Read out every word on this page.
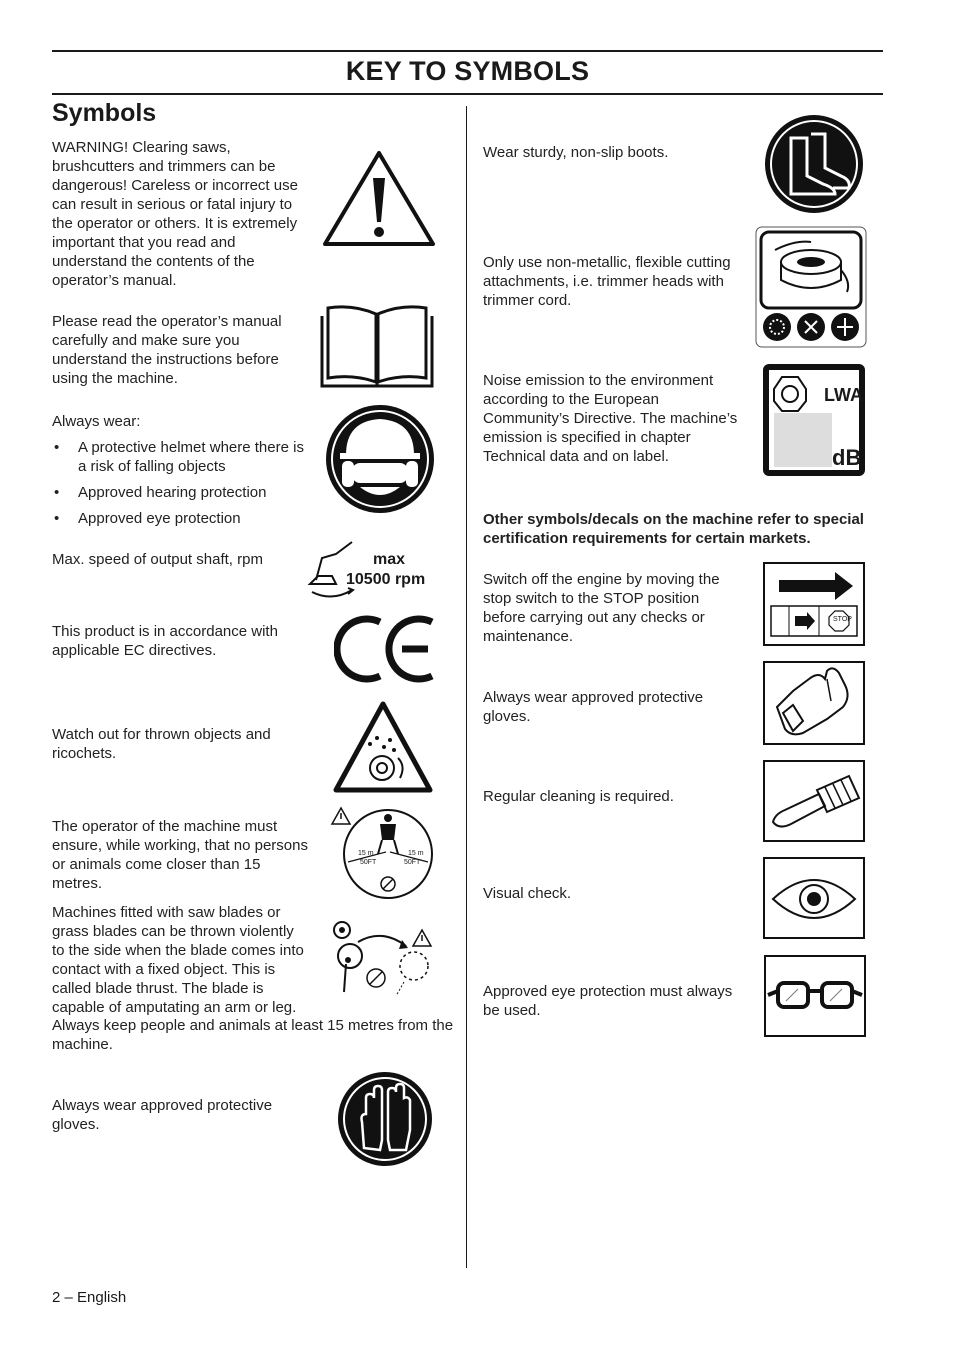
KEY TO SYMBOLS
Symbols
WARNING! Clearing saws, brushcutters and trimmers can be dangerous! Careless or incorrect use can result in serious or fatal injury to the operator or others. It is extremely important that you read and understand the contents of the operator’s manual.
Please read the operator’s manual carefully and make sure you understand the instructions before using the machine.
Always wear:
• A protective helmet where there is a risk of falling objects
• Approved hearing protection
• Approved eye protection
Max. speed of output shaft, rpm	max
10500 rpm
This product is in accordance with applicable EC directives.
Watch out for thrown objects and ricochets.
The operator of the machine must ensure, while working, that no persons or animals come closer than 15 metres.
15 m
50FT
15 m
50FT
Machines fitted with saw blades or grass blades can be thrown violently to the side when the blade comes into contact with a fixed object. This is called blade thrust. The blade is capable of amputating an arm or leg.
Always keep people and animals at least 15 metres from the machine.
Always wear approved protective gloves.
Wear sturdy, non-slip boots.
Only use non-metallic, flexible cutting attachments, i.e. trimmer heads with trimmer cord.
Noise emission to the environment according to the European Community’s Directive. The machine’s emission is specified in chapter Technical data and on label.
LWA
dB
Other symbols/decals on the machine refer to special certification requirements for certain markets.
Switch off the engine by moving the stop switch to the STOP position before carrying out any checks or maintenance.
STOP
Always wear approved protective gloves.
Regular cleaning is required.
Visual check.
Approved eye protection must always be used.
2 – English
